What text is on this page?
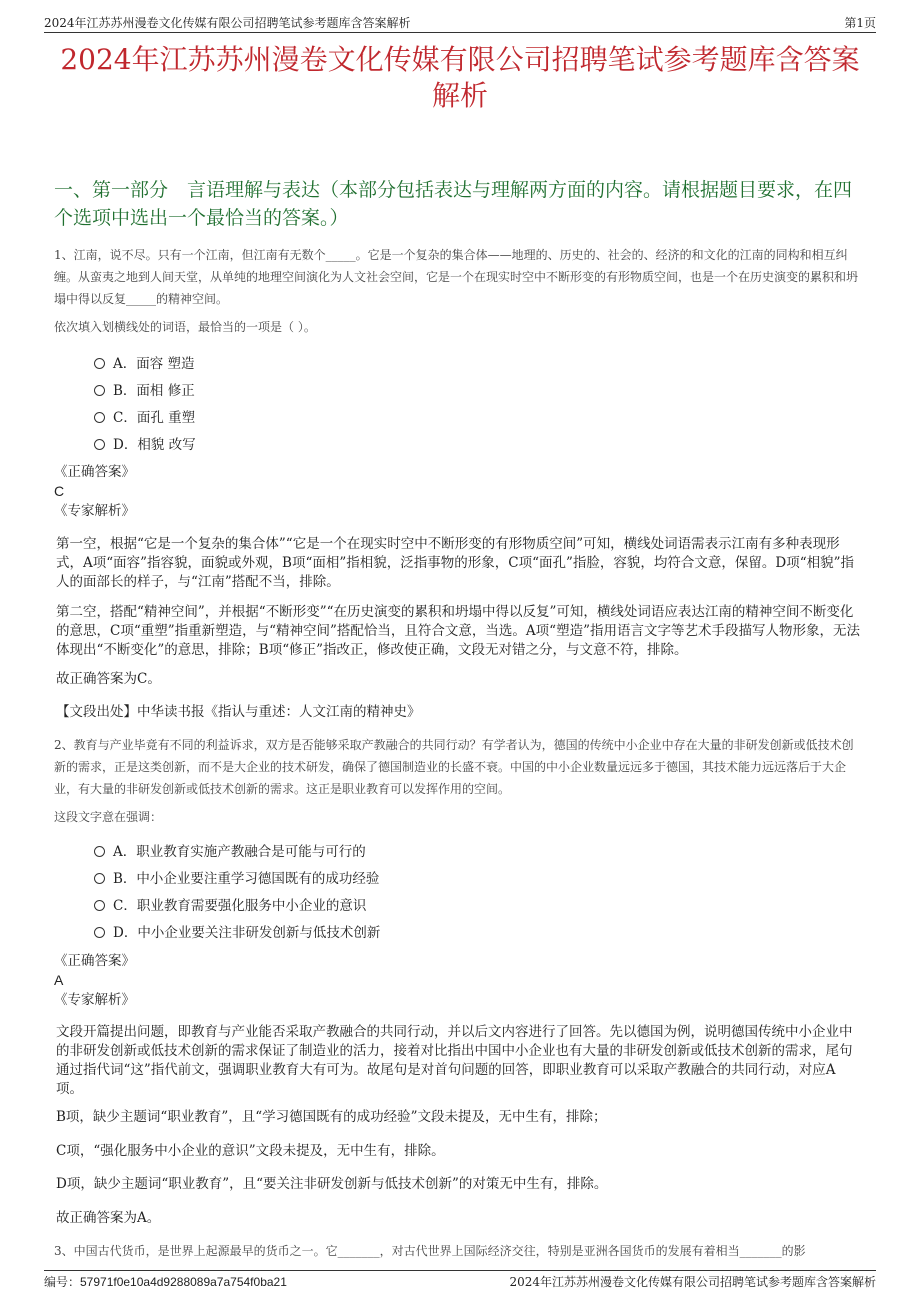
2024年江苏苏州漫卷文化传媒有限公司招聘笔试参考题库含答案解析	第1页
2024年江苏苏州漫卷文化传媒有限公司招聘笔试参考题库含答案解析
一、第一部分　言语理解与表达（本部分包括表达与理解两方面的内容。请根据题目要求，在四个选项中选出一个最恰当的答案。）
1、江南，说不尽。只有一个江南，但江南有无数个_____。它是一个复杂的集合体——地理的、历史的、社会的、经济的和文化的江南的同构和相互纠缠。从蛮夷之地到人间天堂，从单纯的地理空间演化为人文社会空间，它是一个在现实时空中不断形变的有形物质空间，也是一个在历史演变的累积和坍塌中得以反复_____的精神空间。
依次填入划横线处的词语，最恰当的一项是（ ）。
A．面容 塑造
B．面相 修正
C．面孔 重塑
D．相貌 改写
《正确答案》
C
《专家解析》
第一空，根据“它是一个复杂的集合体”“它是一个在现实时空中不断形变的有形物质空间”可知，横线处词语需表示江南有多种表现形式，A项“面容”指容貌，面貌或外观，B项“面相”指相貌，泛指事物的形象，C项“面孔”指脸，容貌，均符合文意，保留。D项“相貌”指人的面部长的样子，与“江南”搭配不当，排除。
第二空，搭配“精神空间”，并根据“不断形变”“在历史演变的累积和坍塌中得以反复”可知，横线处词语应表达江南的精神空间不断变化的意思，C项“重塑”指重新塑造，与“精神空间”搭配恰当，且符合文意，当选。A项“塑造”指用语言文字等艺术手段描写人物形象，无法体现出“不断变化”的意思，排除；B项“修正”指改正，修改使正确，文段无对错之分，与文意不符，排除。
故正确答案为C。
【文段出处】中华读书报《指认与重述：人文江南的精神史》
2、教育与产业毕竟有不同的利益诉求，双方是否能够采取产教融合的共同行动？有学者认为，德国的传统中小企业中存在大量的非研发创新或低技术创新的需求，正是这类创新，而不是大企业的技术研发，确保了德国制造业的长盛不衰。中国的中小企业数量远远多于德国，其技术能力远远落后于大企业，有大量的非研发创新或低技术创新的需求。这正是职业教育可以发挥作用的空间。
这段文字意在强调：
A．职业教育实施产教融合是可能与可行的
B．中小企业要注重学习德国既有的成功经验
C．职业教育需要强化服务中小企业的意识
D．中小企业要关注非研发创新与低技术创新
《正确答案》
A
《专家解析》
文段开篇提出问题，即教育与产业能否采取产教融合的共同行动，并以后文内容进行了回答。先以德国为例，说明德国传统中小企业中的非研发创新或低技术创新的需求保证了制造业的活力，接着对比指出中国中小企业也有大量的非研发创新或低技术创新的需求，尾句通过指代词“这”指代前文，强调职业教育大有可为。故尾句是对首句问题的回答，即职业教育可以采取产教融合的共同行动，对应A项。
B项，缺少主题词“职业教育”，且“学习德国既有的成功经验”文段未提及，无中生有，排除；
C项，“强化服务中小企业的意识”文段未提及，无中生有，排除。
D项，缺少主题词“职业教育”，且“要关注非研发创新与低技术创新”的对策无中生有，排除。
故正确答案为A。
3、中国古代货币，是世界上起源最早的货币之一。它_______，对古代世界上国际经济交往，特别是亚洲各国货币的发展有着相当_______的影
编号：57971f0e10a4d9288089a7a754f0ba21	2024年江苏苏州漫卷文化传媒有限公司招聘笔试参考题库含答案解析
